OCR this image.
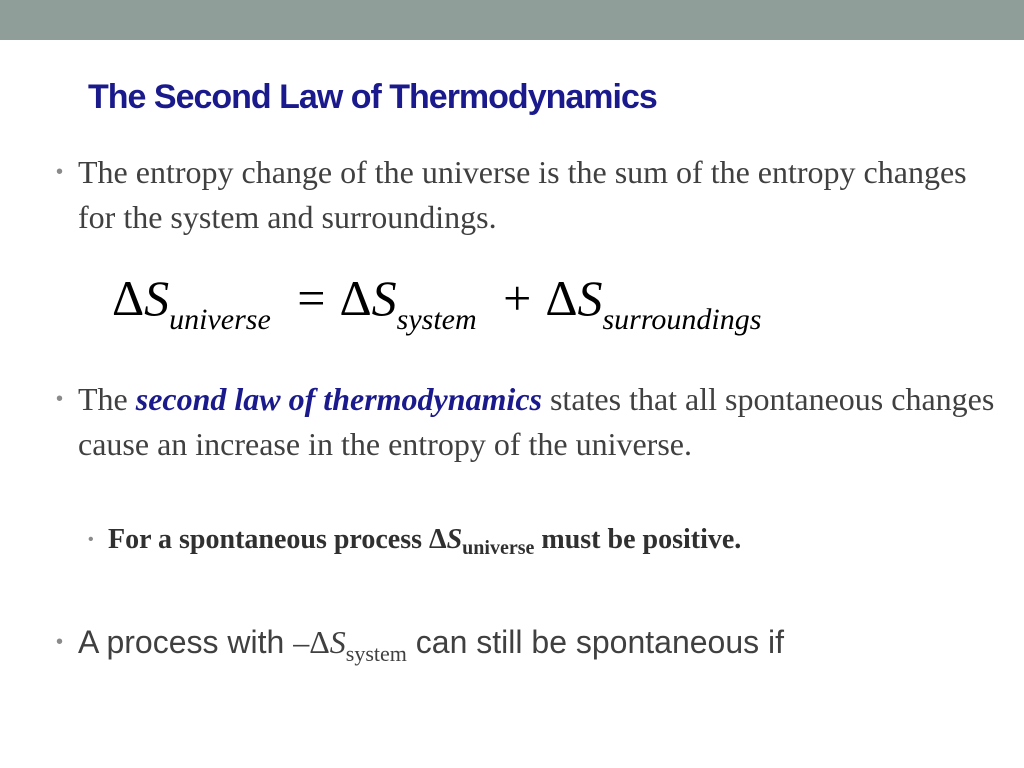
The Second Law of Thermodynamics
• The entropy change of the universe is the sum of the entropy changes for the system and surroundings.
$\Delta S_{universe} = \Delta S_{system} + \Delta S_{surroundings}$
• The second law of thermodynamics states that all spontaneous changes cause an increase in the entropy of the universe.
• For a spontaneous process $\Delta S_{universe}$ must be positive.
• A process with $-\Delta S_{system}$ can still be spontaneous if
